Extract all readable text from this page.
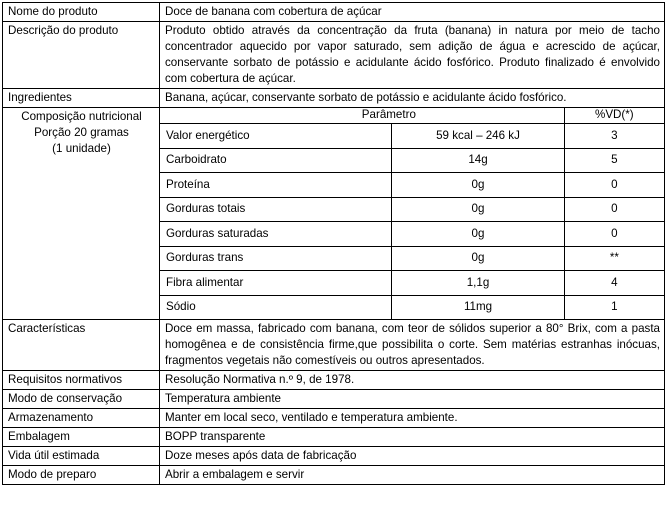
Nome do produto	Doce de banana com cobertura de açúcar
Descrição do produto	Produto obtido através da concentração da fruta (banana) in natura por meio de tacho concentrador aquecido por vapor saturado, sem adição de água e acrescido de açúcar, conservante sorbato de potássio e acidulante ácido fosfórico. Produto finalizado é envolvido com cobertura de açúcar.
Ingredientes	Banana, açúcar, conservante sorbato de potássio e acidulante ácido fosfórico.

Composição nutricional
Porção 20 gramas
(1 unidade)

Parâmetro	%VD(*)
Valor energético	59 kcal – 246 kJ	3
Carboidrato	14g	5
Proteína	0g	0
Gorduras totais	0g	0
Gorduras saturadas	0g	0
Gorduras trans	0g	**
Fibra alimentar	1,1g	4
Sódio	11mg	1

Características	Doce em massa, fabricado com banana, com teor de sólidos superior a 80° Brix, com a pasta homogênea e de consistência firme,que possibilita o corte. Sem matérias estranhas inócuas, fragmentos vegetais não comestíveis ou outros apresentados.
Requisitos normativos	Resolução Normativa n.º 9, de 1978.
Modo de conservação	Temperatura ambiente
Armazenamento	Manter em local seco, ventilado e temperatura ambiente.
Embalagem	BOPP transparente
Vida útil estimada	Doze meses após data de fabricação
Modo de preparo	Abrir a embalagem e servir
